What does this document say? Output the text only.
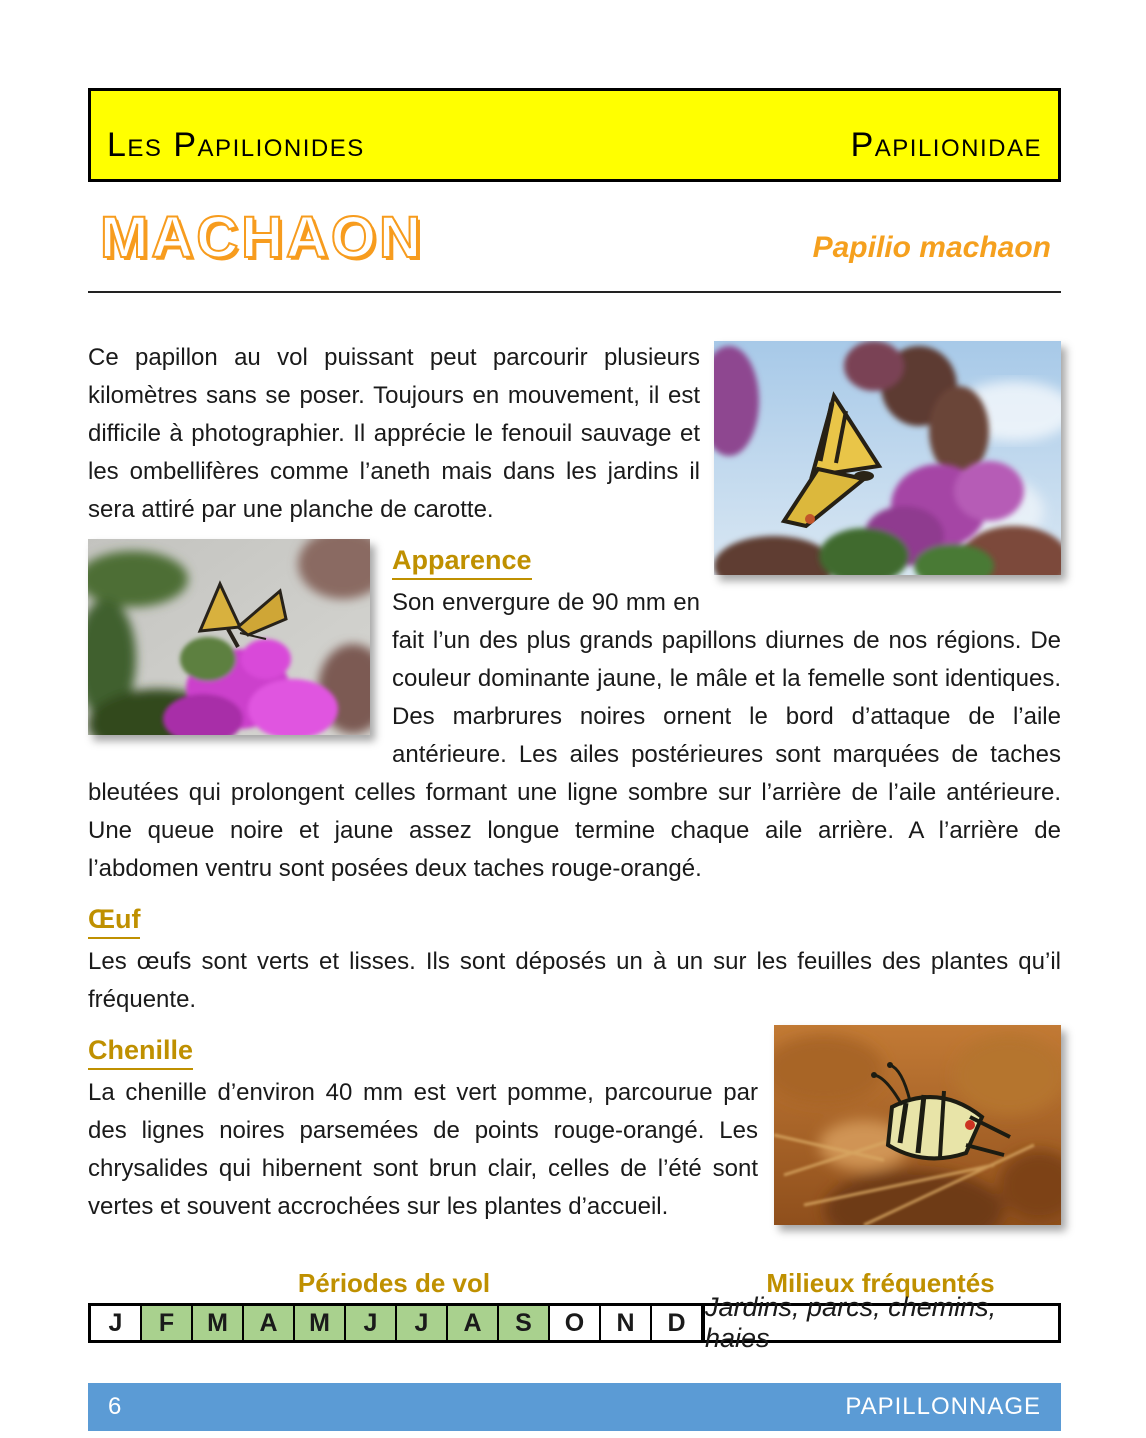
Les Papilionides	Papilionidae
MACHAON	Papilio machaon

Ce papillon au vol puissant peut parcourir plusieurs kilomètres sans se poser. Toujours en mouvement, il est difficile à photographier. Il apprécie le fenouil sauvage et les ombellifères comme l’aneth mais dans les jardins il sera attiré par une planche de carotte.

Apparence

Son envergure de 90 mm en fait l’un des plus grands papillons diurnes de nos régions. De couleur dominante jaune, le mâle et la femelle sont identiques. Des marbrures noires ornent le bord d’attaque de l’aile antérieure. Les ailes postérieures sont marquées de taches bleutées qui prolongent celles formant une ligne sombre sur l’arrière de l’aile antérieure. Une queue noire et jaune assez longue termine chaque aile arrière. A l’arrière de l’abdomen ventru sont posées deux taches rouge-orangé.

Œuf

Les œufs sont verts et lisses. Ils sont déposés un à un sur les feuilles des plantes qu’il fréquente.

Chenille

La chenille d’environ 40 mm est vert pomme, parcourue par des lignes noires parsemées de points rouge-orangé. Les chrysalides qui hibernent sont brun clair, celles de l’été sont vertes et souvent accrochées sur les plantes d’accueil.

Périodes de vol	Milieux fréquentés
J	F	M	A	M	J	J	A	S	O	N	D
Jardins, parcs, chemins, haies
6	PAPILLONNAGE
